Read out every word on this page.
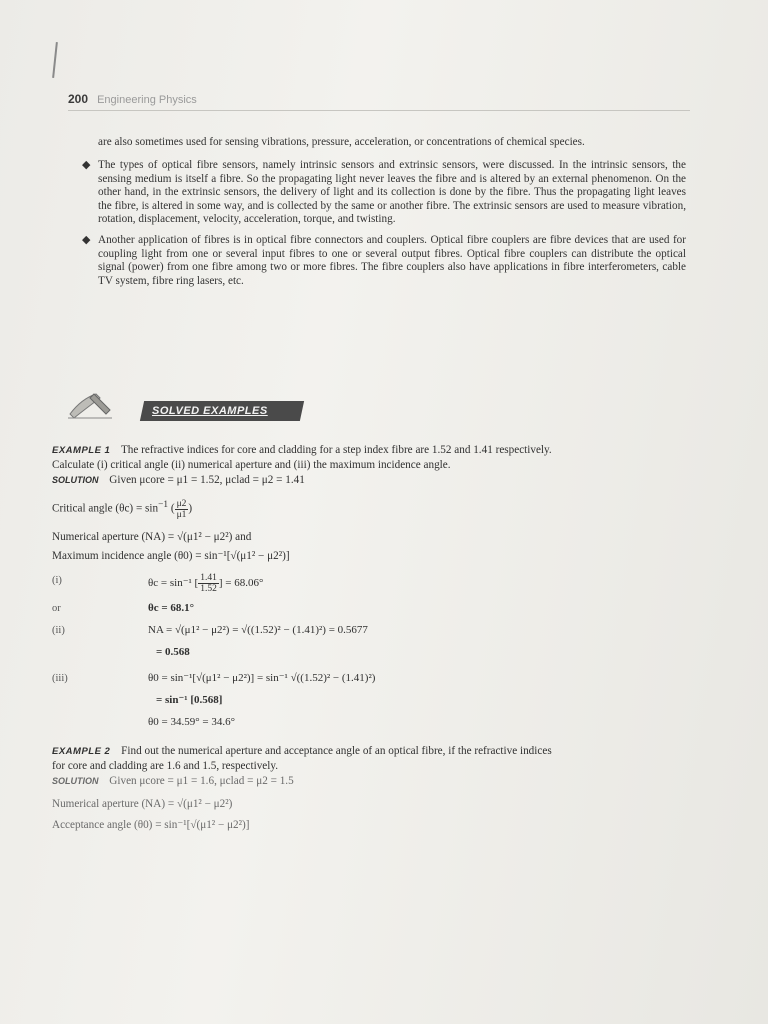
200 Engineering Physics

are also sometimes used for sensing vibrations, pressure, acceleration, or concentrations of chemical species.

◆ The types of optical fibre sensors, namely intrinsic sensors and extrinsic sensors, were discussed. In the intrinsic sensors, the sensing medium is itself a fibre. So the propagating light never leaves the fibre and is altered by an external phenomenon. On the other hand, in the extrinsic sensors, the delivery of light and its collection is done by the fibre. Thus the propagating light leaves the fibre, is altered in some way, and is collected by the same or another fibre. The extrinsic sensors are used to measure vibration, rotation, displacement, velocity, acceleration, torque, and twisting.
◆ Another application of fibres is in optical fibre connectors and couplers. Optical fibre couplers are fibre devices that are used for coupling light from one or several input fibres to one or several output fibres. Optical fibre couplers can distribute the optical signal (power) from one fibre among two or more fibres. The fibre couplers also have applications in fibre interferometers, cable TV system, fibre ring lasers, etc.
SOLVED EXAMPLES
EXAMPLE 1 The refractive indices for core and cladding for a step index fibre are 1.52 and 1.41 respectively.
Calculate (i) critical angle (ii) numerical aperture and (iii) the maximum incidence angle.
SOLUTION Given μcore = μ1 = 1.52, μclad = μ2 = 1.41
Critical angle $(\theta c) = \sin^{-1}$ ( $\frac{\mu 2}{\mu 1}$ )
Numerical aperture (NA) = √(μ1² − μ2²) and
Maximum incidence angle (θ0) = sin⁻¹[√(μ1² − μ2²)]
(i)	θc = sin⁻¹ [ $\frac{1.41}{1.52}$ ] = 68.06°
or	θc = 68.1°
(ii)	NA = √(μ1² − μ2²) = √((1.52)² − (1.41)²) = 0.5677
= 0.568
(iii)	θ0 = sin⁻¹[√(μ1² − μ2²)] = sin⁻¹ √((1.52)² − (1.41)²)
= sin⁻¹ [0.568]
θ0 = 34.59° = 34.6°
EXAMPLE 2 Find out the numerical aperture and acceptance angle of an optical fibre, if the refractive indices
for core and cladding are 1.6 and 1.5, respectively.
SOLUTION Given μcore = μ1 = 1.6, μclad = μ2 = 1.5
Numerical aperture (NA) = √(μ1² − μ2²)
Acceptance angle (θ0) = sin⁻¹[√(μ1² − μ2²)]
